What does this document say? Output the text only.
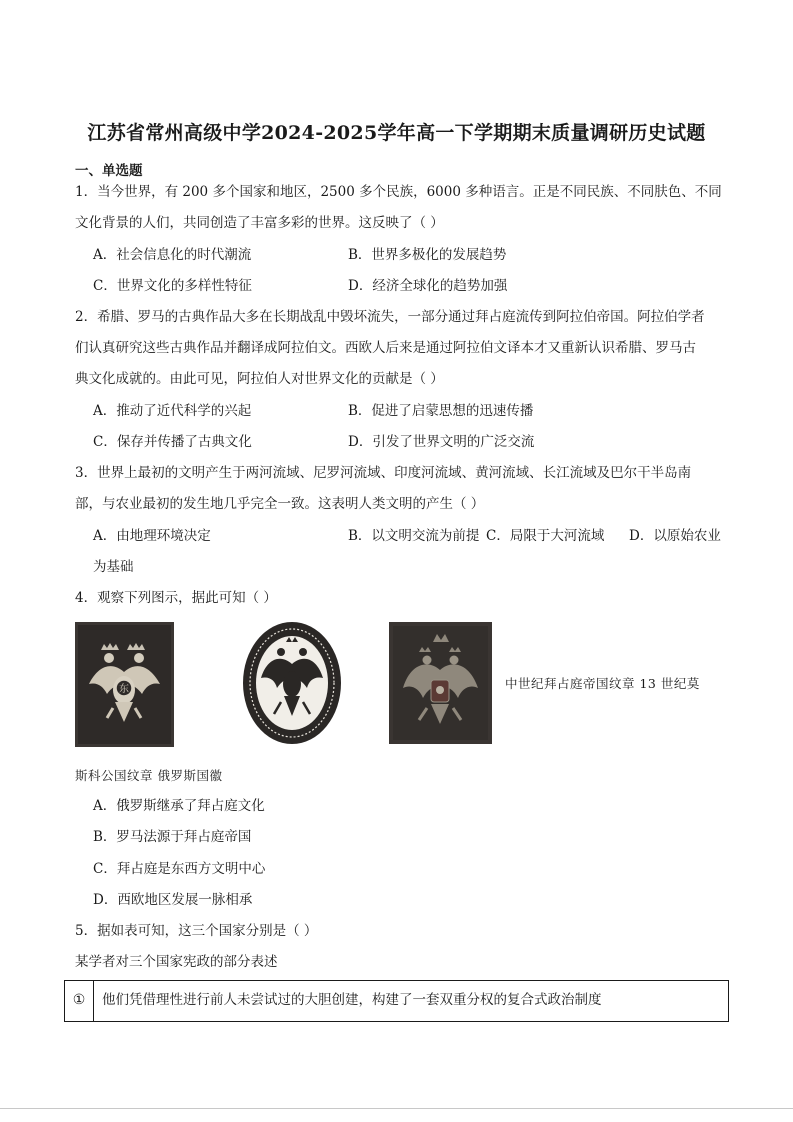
江苏省常州高级中学2024-2025学年高一下学期期末质量调研历史试题
一、单选题
1．当今世界，有 200 多个国家和地区，2500 多个民族，6000 多种语言。正是不同民族、不同肤色、不同
文化背景的人们，共同创造了丰富多彩的世界。这反映了（ ）
A．社会信息化的时代潮流	B．世界多极化的发展趋势
C．世界文化的多样性特征	D．经济全球化的趋势加强
2．希腊、罗马的古典作品大多在长期战乱中毁坏流失，一部分通过拜占庭流传到阿拉伯帝国。阿拉伯学者
们认真研究这些古典作品并翻译成阿拉伯文。西欧人后来是通过阿拉伯文译本才又重新认识希腊、罗马古
典文化成就的。由此可见，阿拉伯人对世界文化的贡献是（ ）
A．推动了近代科学的兴起	B．促进了启蒙思想的迅速传播
C．保存并传播了古典文化	D．引发了世界文明的广泛交流
3．世界上最初的文明产生于两河流域、尼罗河流域、印度河流域、黄河流域、长江流域及巴尔干半岛南
部，与农业最初的发生地几乎完全一致。这表明人类文明的产生（ ）
A．由地理环境决定	B．以文明交流为前提 C．局限于大河流域 D．以原始农业
为基础
4．观察下列图示，据此可知（ ）
东	中世纪拜占庭帝国纹章 13 世纪莫
斯科公国纹章 俄罗斯国徽
A．俄罗斯继承了拜占庭文化
B．罗马法源于拜占庭帝国
C．拜占庭是东西方文明中心
D．西欧地区发展一脉相承
5．据如表可知，这三个国家分别是（ ）
某学者对三个国家宪政的部分表述
①	他们凭借理性进行前人未尝试过的大胆创建，构建了一套双重分权的复合式政治制度
